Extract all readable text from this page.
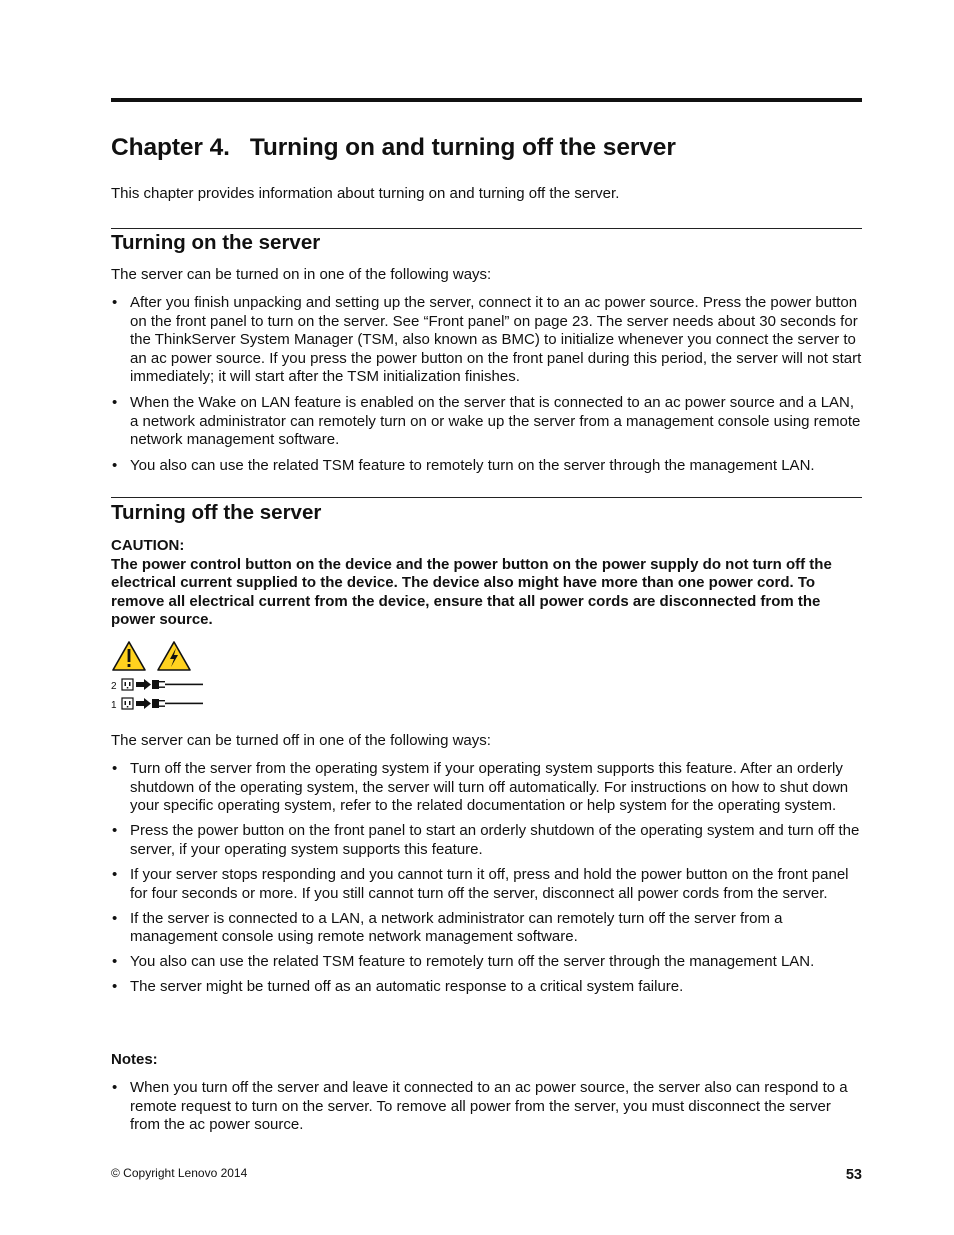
Chapter 4. Turning on and turning off the server

This chapter provides information about turning on and turning off the server.

Turning on the server

The server can be turned on in one of the following ways:

• After you finish unpacking and setting up the server, connect it to an ac power source. Press the power button on the front panel to turn on the server. See “Front panel” on page 23. The server needs about 30 seconds for the ThinkServer System Manager (TSM, also known as BMC) to initialize whenever you connect the server to an ac power source. If you press the power button on the front panel during this period, the server will not start immediately; it will start after the TSM initialization finishes.
• When the Wake on LAN feature is enabled on the server that is connected to an ac power source and a LAN, a network administrator can remotely turn on or wake up the server from a management console using remote network management software.
• You also can use the related TSM feature to remotely turn on the server through the management LAN.
Turning off the server

CAUTION:

The power control button on the device and the power button on the power supply do not turn off the electrical current supplied to the device. The device also might have more than one power cord. To remove all electrical current from the device, ensure that all power cords are disconnected from the power source.

2
1

The server can be turned off in one of the following ways:

• Turn off the server from the operating system if your operating system supports this feature. After an orderly shutdown of the operating system, the server will turn off automatically. For instructions on how to shut down your specific operating system, refer to the related documentation or help system for the operating system.
• Press the power button on the front panel to start an orderly shutdown of the operating system and turn off the server, if your operating system supports this feature.
• If your server stops responding and you cannot turn it off, press and hold the power button on the front panel for four seconds or more. If you still cannot turn off the server, disconnect all power cords from the server.
• If the server is connected to a LAN, a network administrator can remotely turn off the server from a management console using remote network management software.
• You also can use the related TSM feature to remotely turn off the server through the management LAN.
• The server might be turned off as an automatic response to a critical system failure.

Notes:

• When you turn off the server and leave it connected to an ac power source, the server also can respond to a remote request to turn on the server. To remove all power from the server, you must disconnect the server from the ac power source.
© Copyright Lenovo 2014	53
